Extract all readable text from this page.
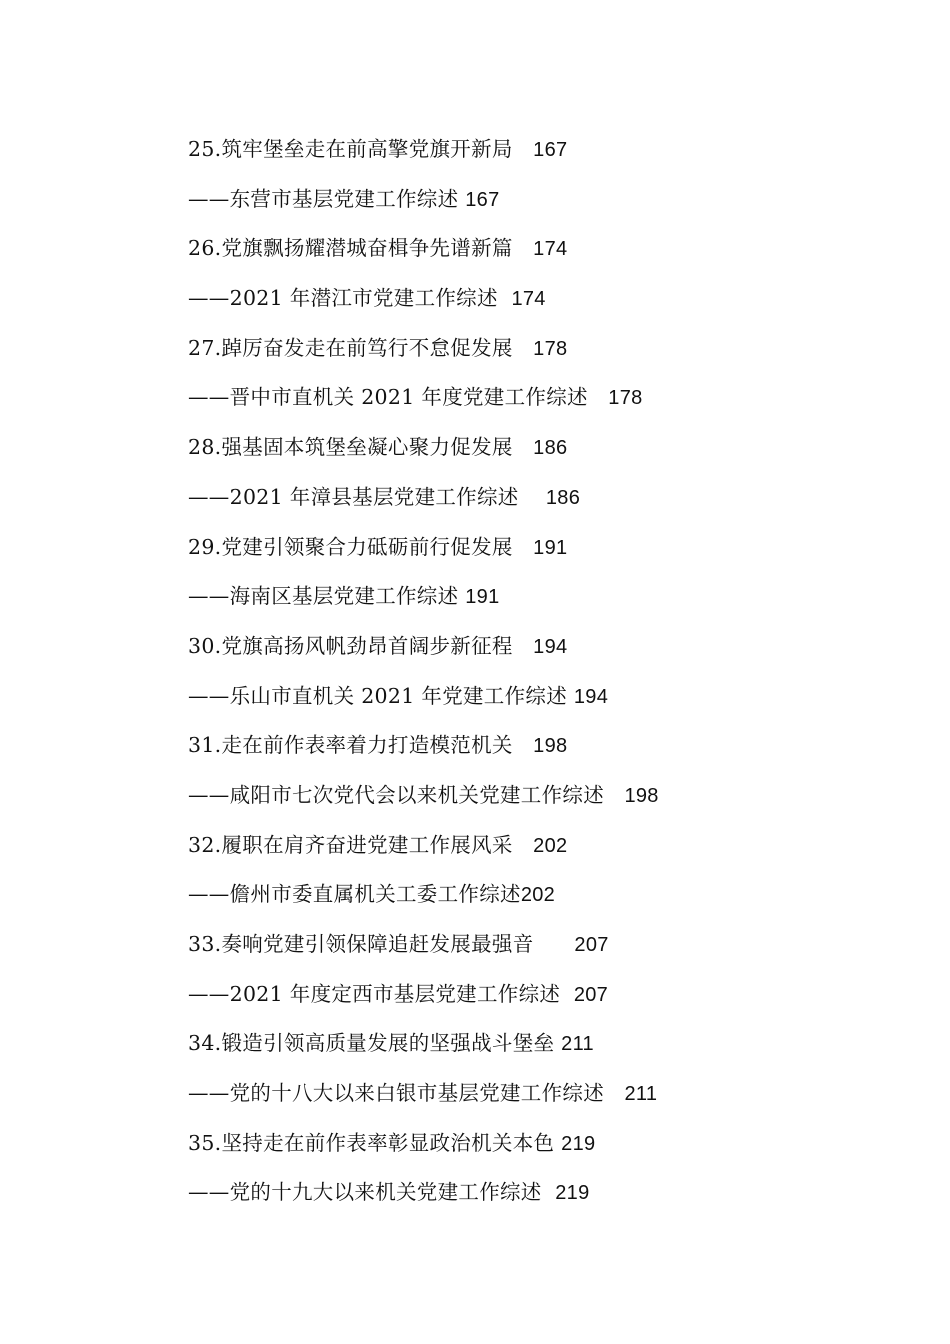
25.筑牢堡垒走在前高擎党旗开新局 167
——东营市基层党建工作综述 167
26.党旗飘扬耀潜城奋楫争先谱新篇 174
——2021 年潜江市党建工作综述 174
27.踔厉奋发走在前笃行不怠促发展 178
——晋中市直机关 2021 年度党建工作综述 178
28.强基固本筑堡垒凝心聚力促发展 186
——2021 年漳县基层党建工作综述 186
29.党建引领聚合力砥砺前行促发展 191
——海南区基层党建工作综述 191
30.党旗高扬风帆劲昂首阔步新征程 194
——乐山市直机关 2021 年党建工作综述 194
31.走在前作表率着力打造模范机关 198
——咸阳市七次党代会以来机关党建工作综述 198
32.履职在肩齐奋进党建工作展风采 202
——儋州市委直属机关工委工作综述202
33.奏响党建引领保障追赶发展最强音 207
——2021 年度定西市基层党建工作综述 207
34.锻造引领高质量发展的坚强战斗堡垒 211
——党的十八大以来白银市基层党建工作综述 211
35.坚持走在前作表率彰显政治机关本色 219
——党的十九大以来机关党建工作综述 219
